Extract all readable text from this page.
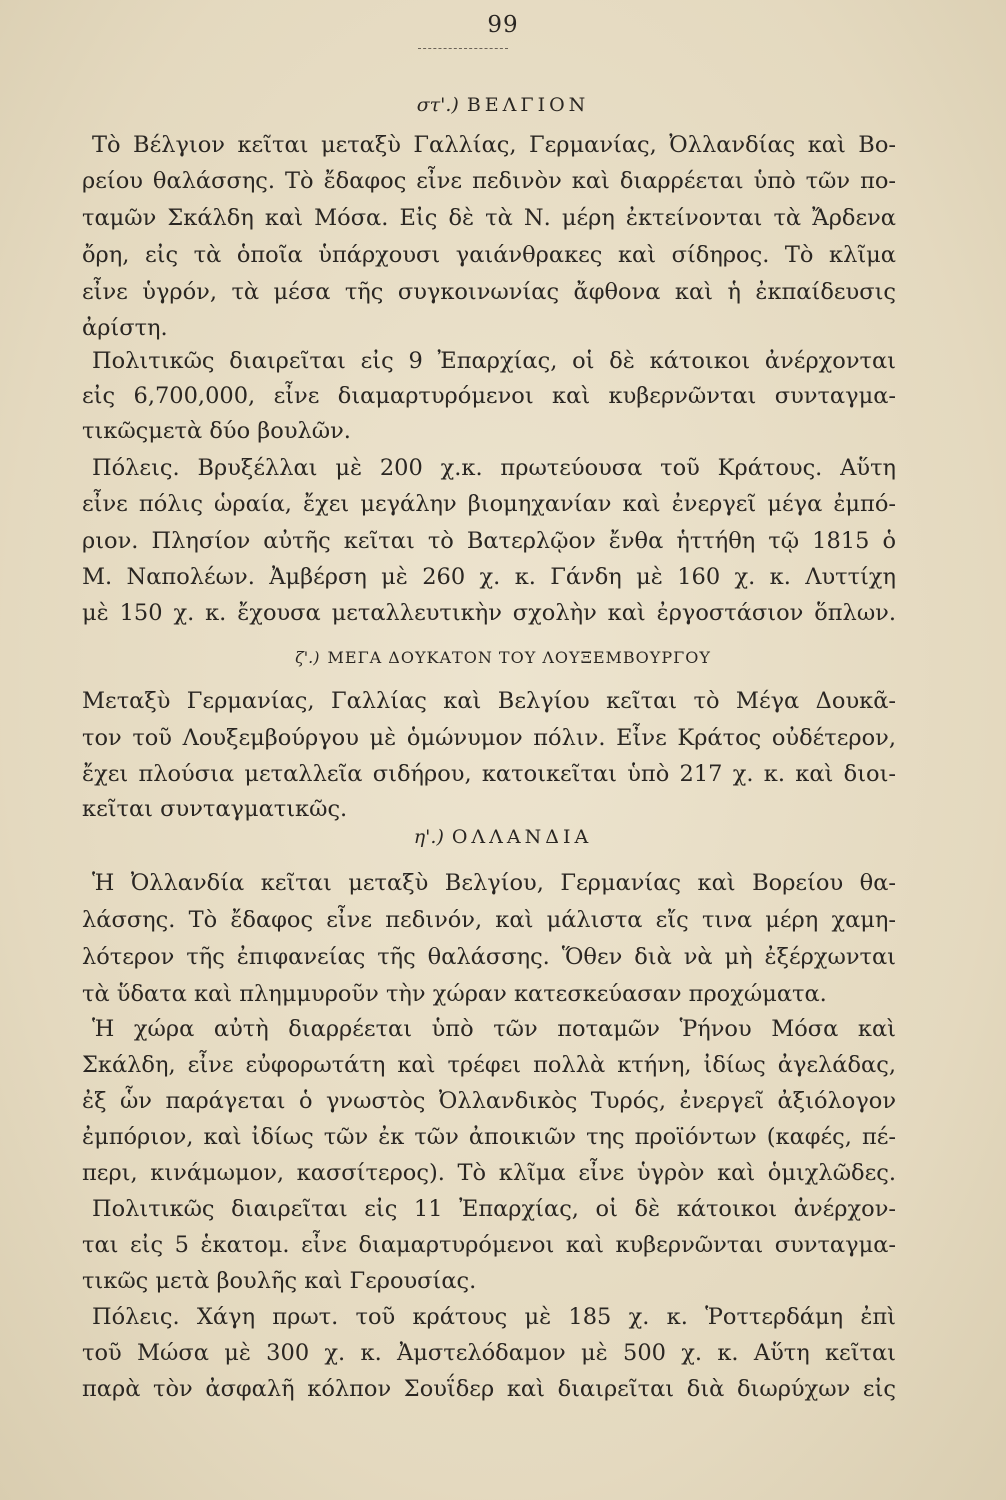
99
στ'.) ΒΕΛΓΙΟΝ
Τὸ Βέλγιον κεῖται μεταξὺ Γαλλίας, Γερμανίας, Ὀλλανδίας καὶ Βο-
ρείου θαλάσσης. Τὸ ἔδαφος εἶνε πεδινὸν καὶ διαρρέεται ὑπὸ τῶν πο-
ταμῶν Σκάλδη καὶ Μόσα. Εἰς δὲ τὰ Ν. μέρη ἐκτείνονται τὰ Ἄρδενα
ὄρη, εἰς τὰ ὁποῖα ὑπάρχουσι γαιάνθρακες καὶ σίδηρος. Τὸ κλῖμα
εἶνε ὑγρόν, τὰ μέσα τῆς συγκοινωνίας ἄφθονα καὶ ἡ ἐκπαίδευσις
ἀρίστη.
Πολιτικῶς διαιρεῖται εἰς 9 Ἐπαρχίας, οἱ δὲ κάτοικοι ἀνέρχονται
εἰς 6,700,000, εἶνε διαμαρτυρόμενοι καὶ κυβερνῶνται συνταγμα-
τικῶςμετὰ δύο βουλῶν.
Πόλεις. Βρυξέλλαι μὲ 200 χ.κ. πρωτεύουσα τοῦ Κράτους. Αὕτη
εἶνε πόλις ὡραία, ἔχει μεγάλην βιομηχανίαν καὶ ἐνεργεῖ μέγα ἐμπό-
ριον. Πλησίον αὐτῆς κεῖται τὸ Βατερλῷον ἔνθα ἡττήθη τῷ 1815 ὁ
Μ. Ναπολέων. Ἀμβέρση μὲ 260 χ. κ. Γάνδη μὲ 160 χ. κ. Λυττίχη
μὲ 150 χ. κ. ἔχουσα μεταλλευτικὴν σχολὴν καὶ ἐργοστάσιον ὅπλων.
ζ'.) ΜΕΓΑ ΔΟΥΚΑΤΟΝ ΤΟΥ ΛΟΥΞΕΜΒΟΥΡΓΟΥ
Μεταξὺ Γερμανίας, Γαλλίας καὶ Βελγίου κεῖται τὸ Μέγα Δουκᾶ-
τον τοῦ Λουξεμβούργου μὲ ὁμώνυμον πόλιν. Εἶνε Κράτος οὐδέτερον,
ἔχει πλούσια μεταλλεῖα σιδήρου, κατοικεῖται ὑπὸ 217 χ. κ. καὶ διοι-
κεῖται συνταγματικῶς.
η'.) ΟΛΛΑΝΔΙΑ
Ἡ Ὀλλανδία κεῖται μεταξὺ Βελγίου, Γερμανίας καὶ Βορείου θα-
λάσσης. Τὸ ἔδαφος εἶνε πεδινόν, καὶ μάλιστα εἴς τινα μέρη χαμη-
λότερον τῆς ἐπιφανείας τῆς θαλάσσης. Ὅθεν διὰ νὰ μὴ ἐξέρχωνται
τὰ ὕδατα καὶ πλημμυροῦν τὴν χώραν κατεσκεύασαν προχώματα.
Ἡ χώρα αὐτὴ διαρρέεται ὑπὸ τῶν ποταμῶν Ῥήνου Μόσα καὶ
Σκάλδη, εἶνε εὐφορωτάτη καὶ τρέφει πολλὰ κτήνη, ἰδίως ἀγελάδας,
ἐξ ὧν παράγεται ὁ γνωστὸς Ὀλλανδικὸς Τυρός, ἐνεργεῖ ἀξιόλογον
ἐμπόριον, καὶ ἰδίως τῶν ἐκ τῶν ἀποικιῶν της προϊόντων (καφές, πέ-
περι, κινάμωμον, κασσίτερος). Τὸ κλῖμα εἶνε ὑγρὸν καὶ ὁμιχλῶδες.
Πολιτικῶς διαιρεῖται εἰς 11 Ἐπαρχίας, οἱ δὲ κάτοικοι ἀνέρχον-
ται εἰς 5 ἑκατομ. εἶνε διαμαρτυρόμενοι καὶ κυβερνῶνται συνταγμα-
τικῶς μετὰ βουλῆς καὶ Γερουσίας.
Πόλεις. Χάγη πρωτ. τοῦ κράτους μὲ 185 χ. κ. Ῥοττερδάμη ἐπὶ
τοῦ Μώσα μὲ 300 χ. κ. Ἀμστελόδαμον μὲ 500 χ. κ. Αὕτη κεῖται
παρὰ τὸν ἀσφαλῆ κόλπον Σουΐδερ καὶ διαιρεῖται διὰ διωρύχων εἰς
